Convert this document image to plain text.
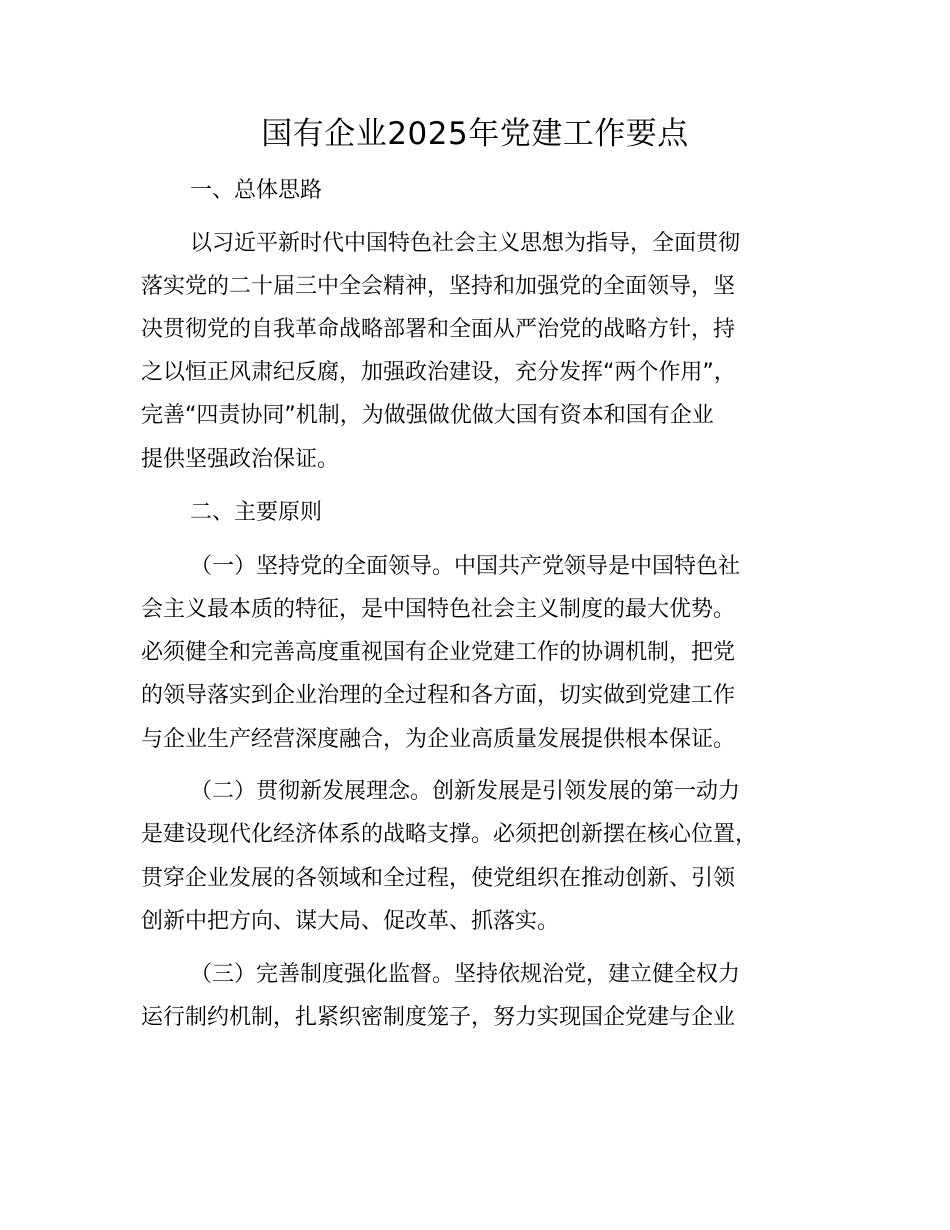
国有企业2025年党建工作要点
一、总体思路

以习近平新时代中国特色社会主义思想为指导，全面贯彻

落实党的二十届三中全会精神，坚持和加强党的全面领导，坚

决贯彻党的自我革命战略部署和全面从严治党的战略方针，持

之以恒正风肃纪反腐，加强政治建设，充分发挥“两个作用”，

完善“四责协同”机制，为做强做优做大国有资本和国有企业

提供坚强政治保证。

二、主要原则

（一）坚持党的全面领导。中国共产党领导是中国特色社

会主义最本质的特征，是中国特色社会主义制度的最大优势。

必须健全和完善高度重视国有企业党建工作的协调机制，把党

的领导落实到企业治理的全过程和各方面，切实做到党建工作

与企业生产经营深度融合，为企业高质量发展提供根本保证。

（二）贯彻新发展理念。创新发展是引领发展的第一动力

是建设现代化经济体系的战略支撑。必须把创新摆在核心位置，

贯穿企业发展的各领域和全过程，使党组织在推动创新、引领

创新中把方向、谋大局、促改革、抓落实。

（三）完善制度强化监督。坚持依规治党，建立健全权力

运行制约机制，扎紧织密制度笼子，努力实现国企党建与企业
